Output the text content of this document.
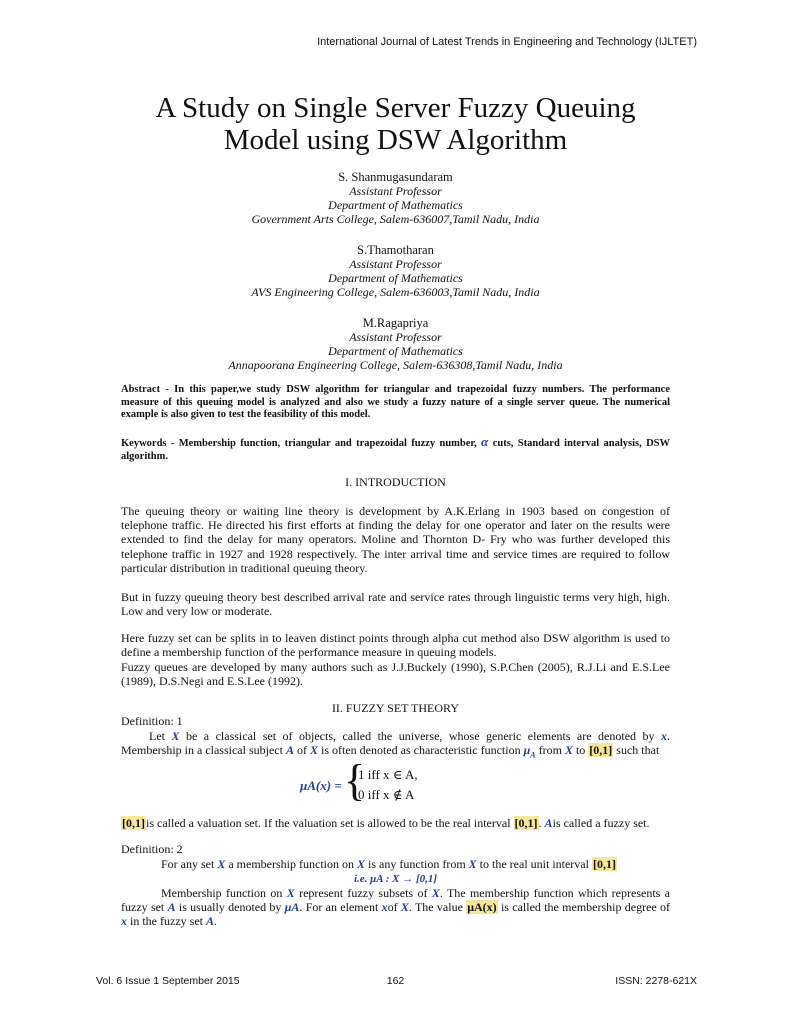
International Journal of Latest Trends in Engineering and Technology (IJLTET)
A Study on Single Server Fuzzy Queuing
Model using DSW Algorithm
S. Shanmugasundaram
Assistant Professor
Department of Mathematics
Government Arts College, Salem-636007,Tamil Nadu, India
S.Thamotharan
Assistant Professor
Department of Mathematics
AVS Engineering College, Salem-636003,Tamil Nadu, India
M.Ragapriya
Assistant Professor
Department of Mathematics
Annapoorana Engineering College, Salem-636308,Tamil Nadu, India
Abstract - In this paper,we study DSW algorithm for triangular and trapezoidal fuzzy numbers. The performance measure of this queuing model is analyzed and also we study a fuzzy nature of a single server queue. The numerical example is also given to test the feasibility of this model.
Keywords - Membership function, triangular and trapezoidal fuzzy number, α cuts, Standard interval analysis, DSW algorithm.
I. INTRODUCTION
The queuing theory or waiting line theory is development by A.K.Erlang in 1903 based on congestion of telephone traffic. He directed his first efforts at finding the delay for one operator and later on the results were extended to find the delay for many operators. Moline and Thornton D- Fry who was further developed this telephone traffic in 1927 and 1928 respectively. The inter arrival time and service times are required to follow particular distribution in traditional queuing theory.
But in fuzzy queuing theory best described arrival rate and service rates through linguistic terms very high, high. Low and very low or moderate.
Here fuzzy set can be splits in to leaven distinct points through alpha cut method also DSW algorithm is used to define a membership function of the performance measure in queuing models.
Fuzzy queues are developed by many authors such as J.J.Buckely (1990), S.P.Chen (2005), R.J.Li and E.S.Lee (1989), D.S.Negi and E.S.Lee (1992).
II. FUZZY SET THEORY
Definition: 1
Let X be a classical set of objects, called the universe, whose generic elements are denoted by x. Membership in a classical subject A of X is often denoted as characteristic function $\mu_A$ from X to [0,1] such that
μA(x) = {
1 iff x ∈ A,
0 iff x ∉ A
[0,1]is called a valuation set. If the valuation set is allowed to be the real interval [0,1]. Ais called a fuzzy set.
Definition: 2
For any set X a membership function on X is any function from X to the real unit interval [0,1]
i.e. μA : X → [0,1]
Membership function on X represent fuzzy subsets of X. The membership function which represents a fuzzy set A is usually denoted by μA. For an element xof X. The value μA(x) is called the membership degree of x in the fuzzy set A.
Vol. 6 Issue 1 September 2015	162	ISSN: 2278-621X
